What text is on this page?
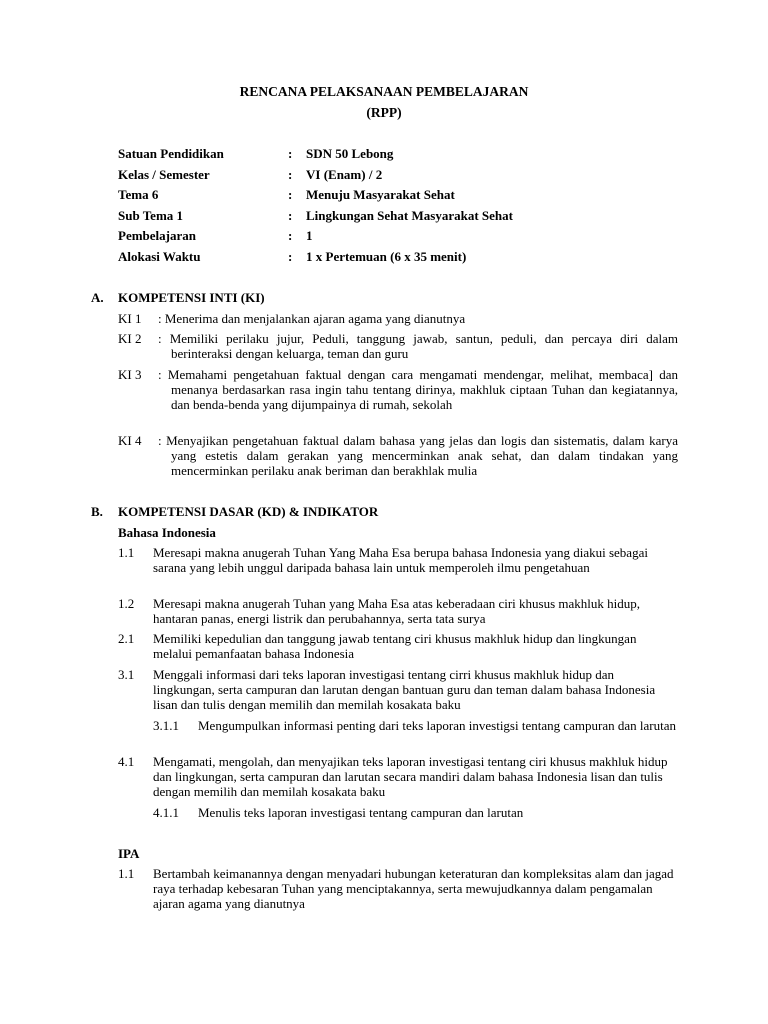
RENCANA PELAKSANAAN PEMBELAJARAN
(RPP)
Satuan Pendidikan	: SDN 50 Lebong
Kelas / Semester	: VI (Enam) / 2
Tema 6	: Menuju Masyarakat Sehat
Sub Tema 1	: Lingkungan Sehat Masyarakat Sehat
Pembelajaran	: 1
Alokasi Waktu	: 1 x Pertemuan (6 x 35 menit)
A. KOMPETENSI INTI (KI)
KI 1 : Menerima dan menjalankan ajaran agama yang dianutnya
KI 2 : Memiliki perilaku jujur, Peduli, tanggung jawab, santun, peduli, dan percaya diri dalam berinteraksi dengan keluarga, teman dan guru
KI 3 : Memahami pengetahuan faktual dengan cara mengamati mendengar, melihat, membaca] dan menanya berdasarkan rasa ingin tahu tentang dirinya, makhluk ciptaan Tuhan dan kegiatannya, dan benda-benda yang dijumpainya di rumah, sekolah
KI 4 : Menyajikan pengetahuan faktual dalam bahasa yang jelas dan logis dan sistematis, dalam karya yang estetis dalam gerakan yang mencerminkan anak sehat, dan dalam tindakan yang mencerminkan perilaku anak beriman dan berakhlak mulia
B. KOMPETENSI DASAR (KD) & INDIKATOR
Bahasa Indonesia
1.1 Meresapi makna anugerah Tuhan Yang Maha Esa berupa bahasa Indonesia yang diakui sebagai sarana yang lebih unggul daripada bahasa lain untuk memperoleh ilmu pengetahuan
1.2 Meresapi makna anugerah Tuhan yang Maha Esa atas keberadaan ciri khusus makhluk hidup, hantaran panas, energi listrik dan perubahannya, serta tata surya
2.1 Memiliki kepedulian dan tanggung jawab tentang ciri khusus makhluk hidup dan lingkungan melalui pemanfaatan bahasa Indonesia
3.1 Menggali informasi dari teks laporan investigasi tentang cirri khusus makhluk hidup dan lingkungan, serta campuran dan larutan dengan bantuan guru dan teman dalam bahasa Indonesia lisan dan tulis dengan memilih dan memilah kosakata baku
3.1.1 Mengumpulkan informasi penting dari teks laporan investigsi tentang campuran dan larutan
4.1 Mengamati, mengolah, dan menyajikan teks laporan investigasi tentang ciri khusus makhluk hidup dan lingkungan, serta campuran dan larutan secara mandiri dalam bahasa Indonesia lisan dan tulis dengan memilih dan memilah kosakata baku
4.1.1 Menulis teks laporan investigasi tentang campuran dan larutan
IPA
1.1 Bertambah keimanannya dengan menyadari hubungan keteraturan dan kompleksitas alam dan jagad raya terhadap kebesaran Tuhan yang menciptakannya, serta mewujudkannya dalam pengamalan ajaran agama yang dianutnya
